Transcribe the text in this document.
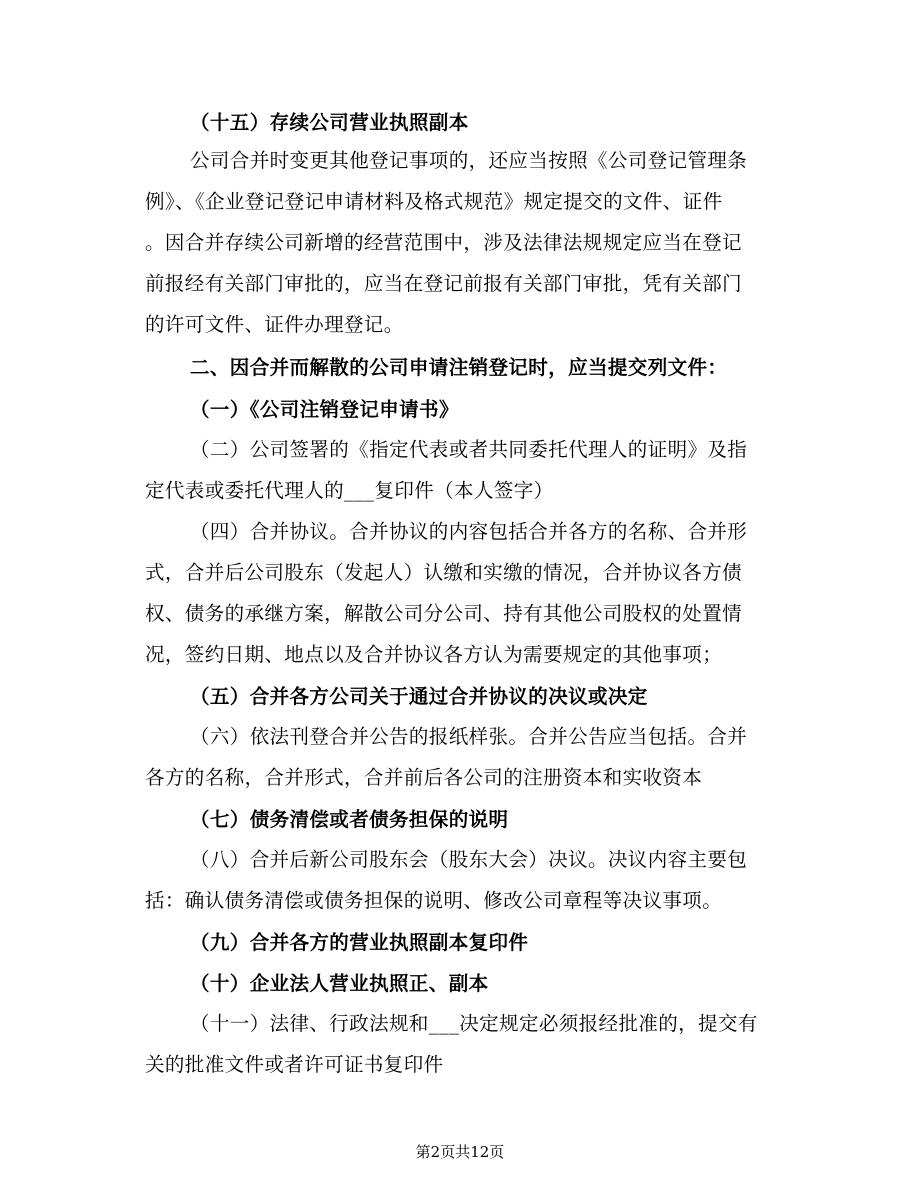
（十五）存续公司营业执照副本
公司合并时变更其他登记事项的，还应当按照《公司登记管理条
例》、《企业登记登记申请材料及格式规范》规定提交的文件、证件
。因合并存续公司新增的经营范围中，涉及法律法规规定应当在登记
前报经有关部门审批的，应当在登记前报有关部门审批，凭有关部门
的许可文件、证件办理登记。
二、因合并而解散的公司申请注销登记时，应当提交列文件：
（一）《公司注销登记申请书》
（二）公司签署的《指定代表或者共同委托代理人的证明》及指
定代表或委托代理人的___复印件（本人签字）
（四）合并协议。合并协议的内容包括合并各方的名称、合并形
式，合并后公司股东（发起人）认缴和实缴的情况，合并协议各方债
权、债务的承继方案，解散公司分公司、持有其他公司股权的处置情
况，签约日期、地点以及合并协议各方认为需要规定的其他事项；
（五）合并各方公司关于通过合并协议的决议或决定
（六）依法刊登合并公告的报纸样张。合并公告应当包括。合并
各方的名称，合并形式，合并前后各公司的注册资本和实收资本
（七）债务清偿或者债务担保的说明
（八）合并后新公司股东会（股东大会）决议。决议内容主要包
括：确认债务清偿或债务担保的说明、修改公司章程等决议事项。
（九）合并各方的营业执照副本复印件
（十）企业法人营业执照正、副本
（十一）法律、行政法规和___决定规定必须报经批准的，提交有
关的批准文件或者许可证书复印件
第2页共12页
